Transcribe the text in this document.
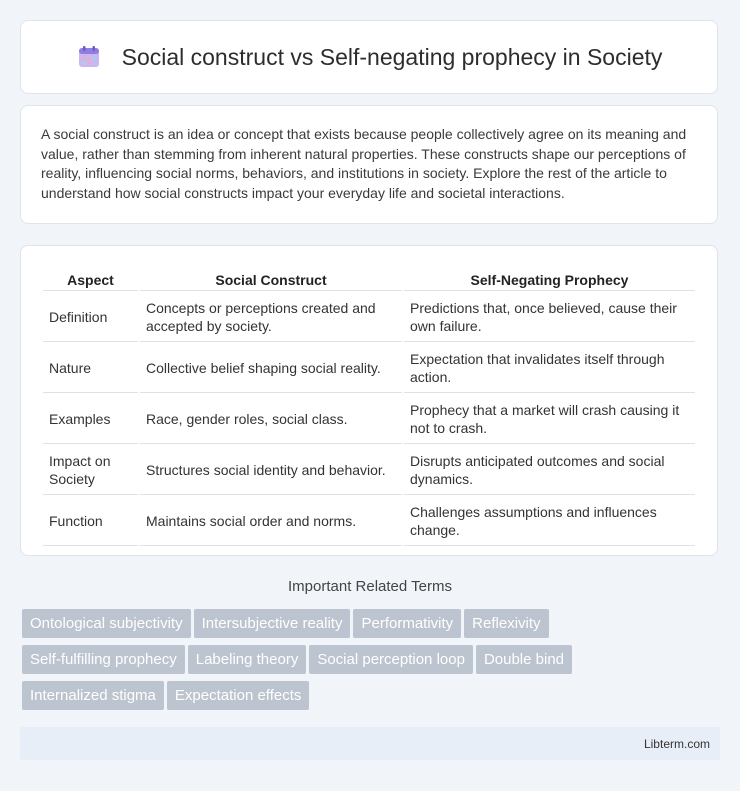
Social construct vs Self-negating prophecy in Society

A social construct is an idea or concept that exists because people collectively agree on its meaning and value, rather than stemming from inherent natural properties. These constructs shape our perceptions of reality, influencing social norms, behaviors, and institutions in society. Explore the rest of the article to understand how social constructs impact your everyday life and societal interactions.

Aspect	Social Construct	Self-Negating Prophecy
Definition	Concepts or perceptions created and accepted by society.	Predictions that, once believed, cause their own failure.
Nature	Collective belief shaping social reality.	Expectation that invalidates itself through action.
Examples	Race, gender roles, social class.	Prophecy that a market will crash causing it not to crash.
Impact on Society	Structures social identity and behavior.	Disrupts anticipated outcomes and social dynamics.
Function	Maintains social order and norms.	Challenges assumptions and influences change.
Important Related Terms
Ontological subjectivity Intersubjective reality Performativity Reflexivity
Self-fulfilling prophecy Labeling theory Social perception loop Double bind
Internalized stigma Expectation effects
Libterm.com
